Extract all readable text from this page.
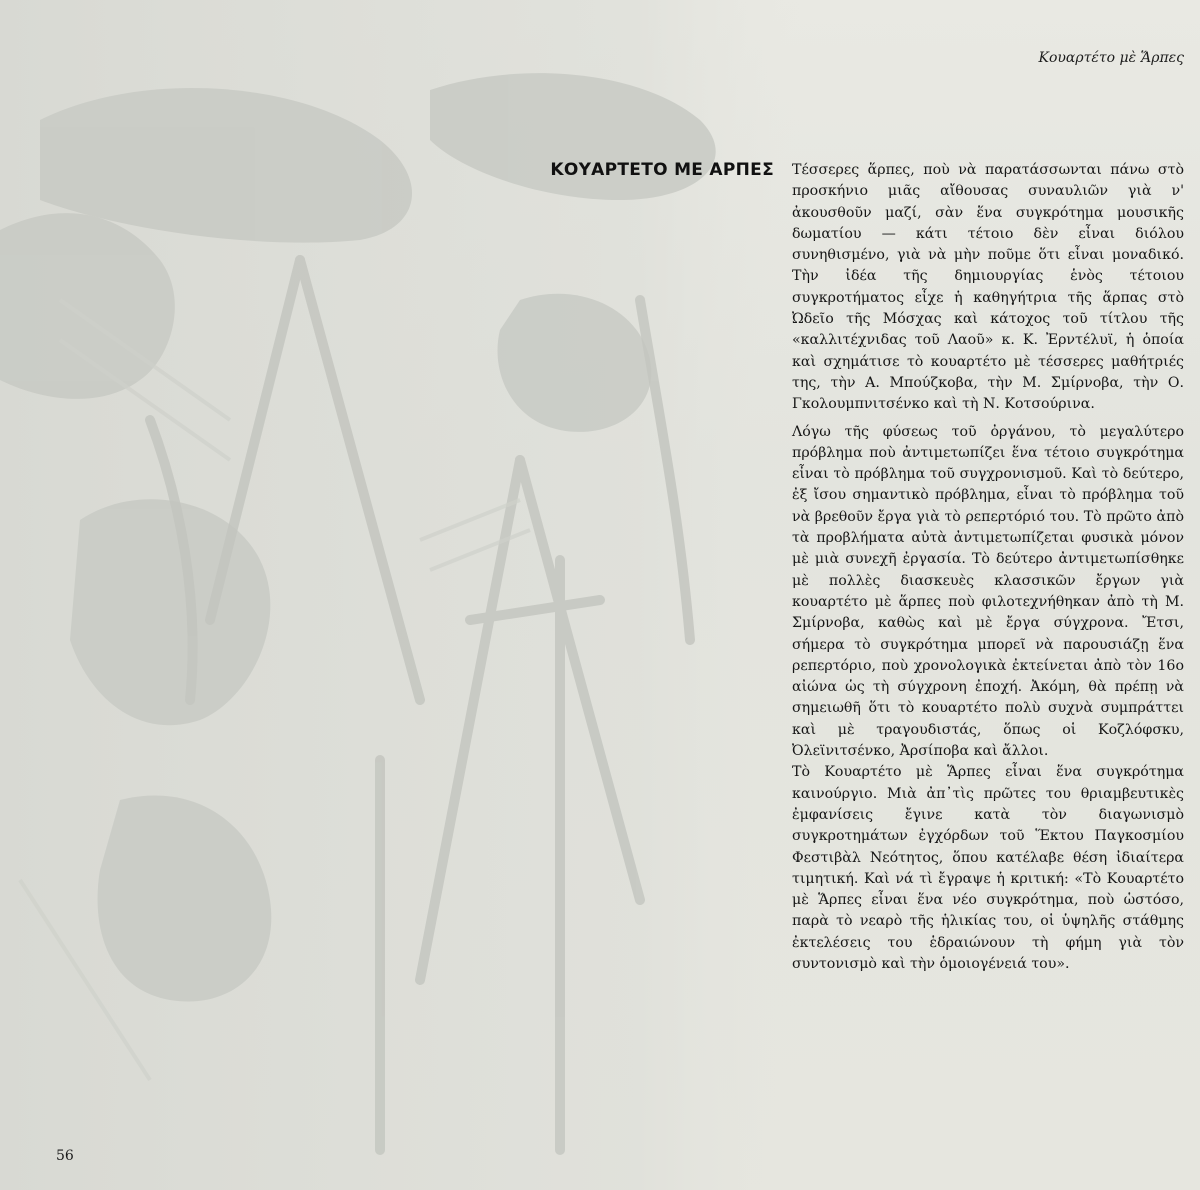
Κουαρτέτο μὲ Ἅρπες
ΚΟΥΑΡΤΕΤΟ ΜΕ ΑΡΠΕΣ Τέσσερες ἅρπες, ποὺ νὰ παρατάσσωνται πάνω στὸ προσκήνιο μιᾶς αἴθουσας συναυλιῶν γιὰ ν' ἀκουσθοῦν μαζί, σὰν ἕνα συγκρότημα μουσικῆς δωματίου — κάτι τέτοιο δὲν εἶναι διόλου συνηθισμένο, γιὰ νὰ μὴν ποῦμε ὅτι εἶναι μοναδικό. Τὴν ἰδέα τῆς δημιουργίας ἑνὸς τέτοιου συγκροτήματος εἶχε ἡ καθηγήτρια τῆς ἅρπας στὸ Ὠδεῖο τῆς Μόσχας καὶ κάτοχος τοῦ τίτλου τῆς «καλλιτέχνιδας τοῦ Λαοῦ» κ. Κ. Ἐρντέλυϊ, ἡ ὁποία καὶ σχημάτισε τὸ κουαρτέτο μὲ τέσσερες μαθήτριές της, τὴν Α. Μπούζκοβα, τὴν Μ. Σμίρνοβα, τὴν Ο. Γκολουμπνιτσένκο καὶ τὴ Ν. Κοτσούρινα.

Λόγω τῆς φύσεως τοῦ ὀργάνου, τὸ μεγαλύτερο πρόβλημα ποὺ ἀντιμετωπίζει ἕνα τέτοιο συγκρότημα εἶναι τὸ πρόβλημα τοῦ συγχρονισμοῦ. Καὶ τὸ δεύτερο, ἐξ ἴσου σημαντικὸ πρόβλημα, εἶναι τὸ πρόβλημα τοῦ νὰ βρεθοῦν ἔργα γιὰ τὸ ρεπερτόριό του. Τὸ πρῶτο ἀπὸ τὰ προβλήματα αὐτὰ ἀντιμετωπίζεται φυσικὰ μόνον μὲ μιὰ συνεχῆ ἐργασία. Τὸ δεύτερο ἀντιμετωπίσθηκε μὲ πολλὲς διασκευὲς κλασσικῶν ἔργων γιὰ κουαρτέτο μὲ ἅρπες ποὺ φιλοτεχνήθηκαν ἀπὸ τὴ Μ. Σμίρνοβα, καθὼς καὶ μὲ ἔργα σύγχρονα. Ἔτσι, σήμερα τὸ συγκρότημα μπορεῖ νὰ παρουσιάζῃ ἕνα ρεπερτόριο, ποὺ χρονολογικὰ ἐκτείνεται ἀπὸ τὸν 16ο αἰώνα ὡς τὴ σύγχρονη ἐποχή. Ἀκόμη, θὰ πρέπῃ νὰ σημειωθῆ ὅτι τὸ κουαρτέτο πολὺ συχνὰ συμπράττει καὶ μὲ τραγουδιστάς, ὅπως οἱ Κοζλόφσκυ, Ὀλεϊνιτσένκο, Ἀρσίποβα καὶ ἄλλοι.

Τὸ Κουαρτέτο μὲ Ἅρπες εἶναι ἕνα συγκρότημα καινούργιο. Μιὰ ἀπ᾽τὶς πρῶτες του θριαμβευτικὲς ἐμφανίσεις ἔγινε κατὰ τὸν διαγωνισμὸ συγκροτημάτων ἐγχόρδων τοῦ Ἕκτου Παγκοσμίου Φεστιβὰλ Νεότητος, ὅπου κατέλαβε θέση ἰδιαίτερα τιμητική. Καὶ νά τὶ ἔγραψε ἡ κριτική: «Τὸ Κουαρτέτο μὲ Ἅρπες εἶναι ἕνα νέο συγκρότημα, ποὺ ὡστόσο, παρὰ τὸ νεαρὸ τῆς ἡλικίας του, οἱ ὑψηλῆς στάθμης ἐκτελέσεις του ἑδραιώνουν τὴ φήμη γιὰ τὸν συντονισμὸ καὶ τὴν ὁμοιογένειά του».

56
